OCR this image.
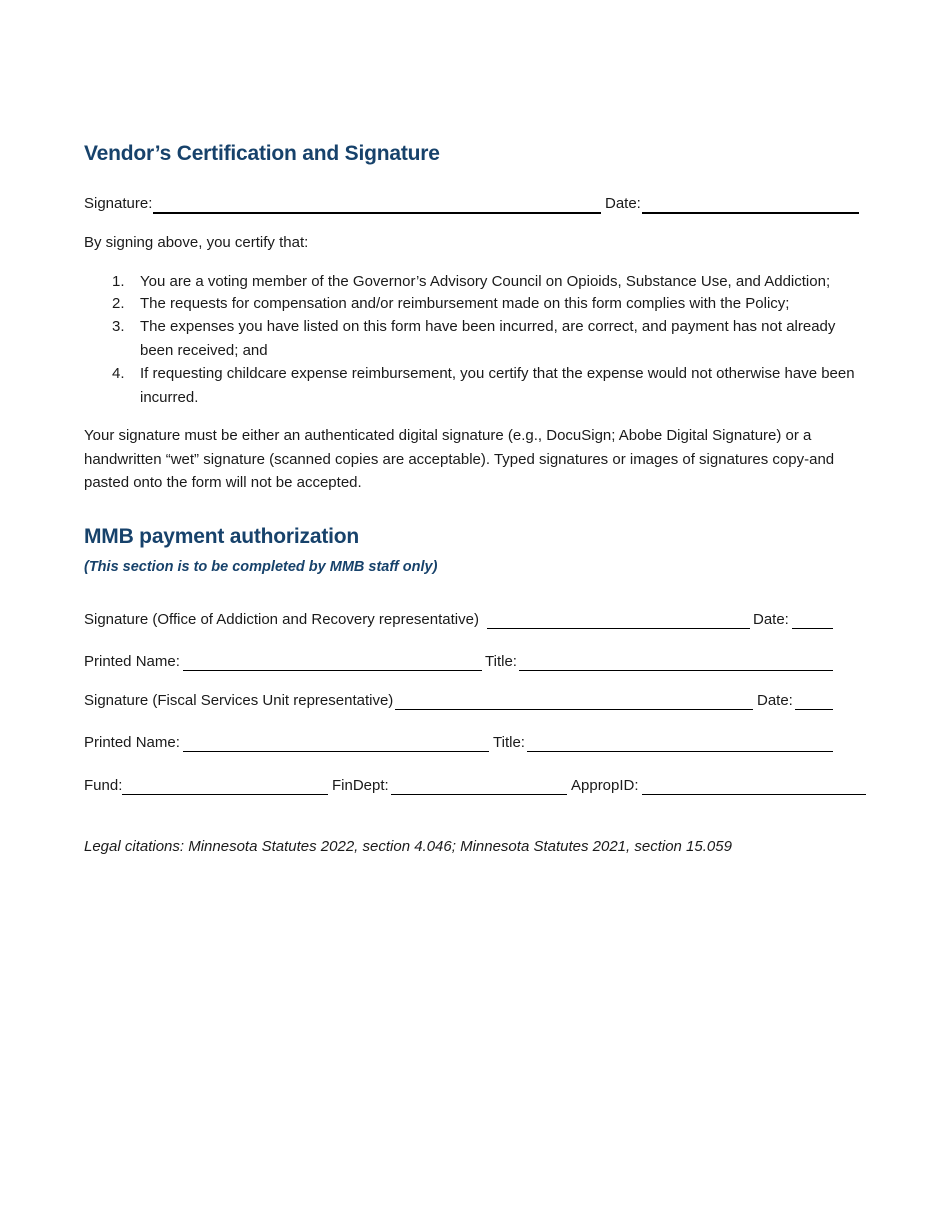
Vendor’s Certification and Signature
Signature:	Date:
By signing above, you certify that:
1. You are a voting member of the Governor’s Advisory Council on Opioids, Substance Use, and Addiction;
2. The requests for compensation and/or reimbursement made on this form complies with the Policy;
3. The expenses you have listed on this form have been incurred, are correct, and payment has not already been received; and
4. If requesting childcare expense reimbursement, you certify that the expense would not otherwise have been incurred.
Your signature must be either an authenticated digital signature (e.g., DocuSign; Abobe Digital Signature) or a handwritten “wet” signature (scanned copies are acceptable). Typed signatures or images of signatures copy-and pasted onto the form will not be accepted.
MMB payment authorization
(This section is to be completed by MMB staff only)
Signature (Office of Addiction and Recovery representative)	Date:
Printed Name:	Title:
Signature (Fiscal Services Unit representative)	Date:
Printed Name:	Title:
Fund:	FinDept:	AppropID:
Legal citations: Minnesota Statutes 2022, section 4.046; Minnesota Statutes 2021, section 15.059
